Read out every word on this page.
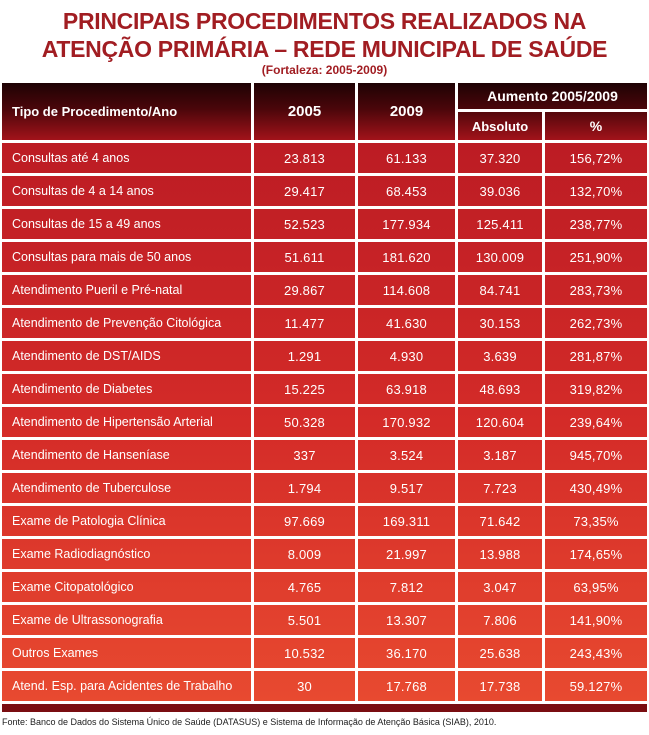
PRINCIPAIS PROCEDIMENTOS REALIZADOS NA
ATENÇÃO PRIMÁRIA – REDE MUNICIPAL DE SAÚDE
(Fortaleza: 2005-2009)
Tipo de Procedimento/Ano	2005	2009
Aumento 2005/2009
Absoluto	%
Consultas até 4 anos	23.813	61.133	37.320	156,72%
Consultas de 4 a 14 anos	29.417	68.453	39.036	132,70%
Consultas de 15 a 49 anos	52.523	177.934	125.411	238,77%
Consultas para mais de 50 anos	51.611	181.620	130.009	251,90%
Atendimento Pueril e Pré-natal	29.867	114.608	84.741	283,73%
Atendimento de Prevenção Citológica	11.477	41.630	30.153	262,73%
Atendimento de DST/AIDS	1.291	4.930	3.639	281,87%
Atendimento de Diabetes	15.225	63.918	48.693	319,82%
Atendimento de Hipertensão Arterial	50.328	170.932	120.604	239,64%
Atendimento de Hanseníase	337	3.524	3.187	945,70%
Atendimento de Tuberculose	1.794	9.517	7.723	430,49%
Exame de Patologia Clínica	97.669	169.311	71.642	73,35%
Exame Radiodiagnóstico	8.009	21.997	13.988	174,65%
Exame Citopatológico	4.765	7.812	3.047	63,95%
Exame de Ultrassonografia	5.501	13.307	7.806	141,90%
Outros Exames	10.532	36.170	25.638	243,43%
Atend. Esp. para Acidentes de Trabalho	30	17.768	17.738	59.127%
Fonte: Banco de Dados do Sistema Único de Saúde (DATASUS) e Sistema de Informação de Atenção Básica (SIAB), 2010.
